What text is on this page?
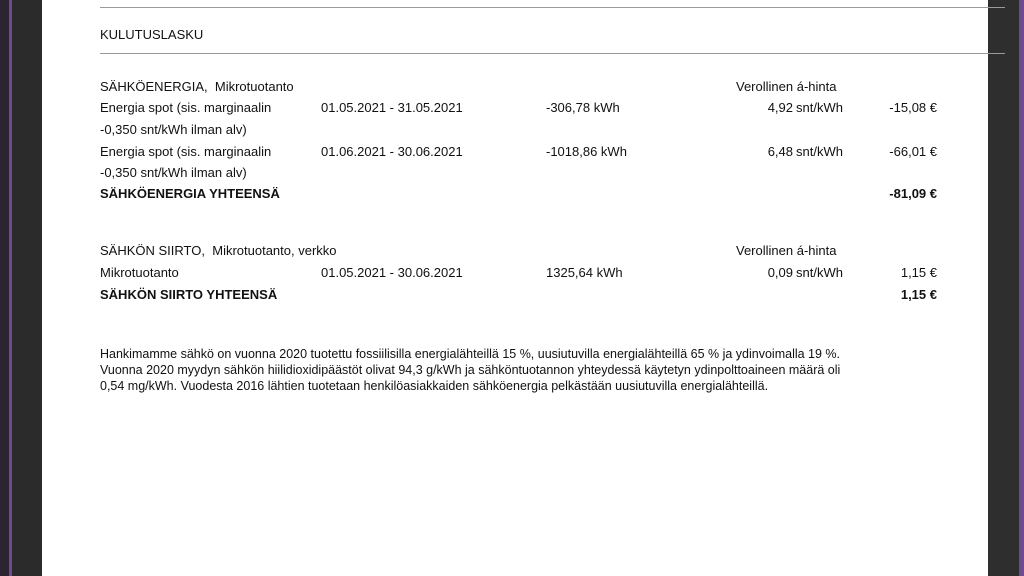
KULUTUSLASKU
SÄHKÖENERGIA, Mikrotuotanto	Verollinen á-hinta
Energia spot (sis. marginaalin
-0,350 snt/kWh ilman alv)
01.05.2021 - 31.05.2021	-306,78 kWh	4,92 snt/kWh	-15,08 €
Energia spot (sis. marginaalin
-0,350 snt/kWh ilman alv)
01.06.2021 - 30.06.2021	-1018,86 kWh	6,48 snt/kWh	-66,01 €
SÄHKÖENERGIA YHTEENSÄ	-81,09 €
SÄHKÖN SIIRTO, Mikrotuotanto, verkko	Verollinen á-hinta
Mikrotuotanto	01.05.2021 - 30.06.2021	1325,64 kWh	0,09 snt/kWh	1,15 €
SÄHKÖN SIIRTO YHTEENSÄ	1,15 €
Hankimamme sähkö on vuonna 2020 tuotettu fossiilisilla energialähteillä 15 %, uusiutuvilla energialähteillä 65 % ja ydinvoimalla 19 %.
Vuonna 2020 myydyn sähkön hiilidioxidipäästöt olivat 94,3 g/kWh ja sähköntuotannon yhteydessä käytetyn ydinpolttoaineen määrä oli
0,54 mg/kWh. Vuodesta 2016 lähtien tuotetaan henkilöasiakkaiden sähköenergia pelkästään uusiutuvilla energialähteillä.
